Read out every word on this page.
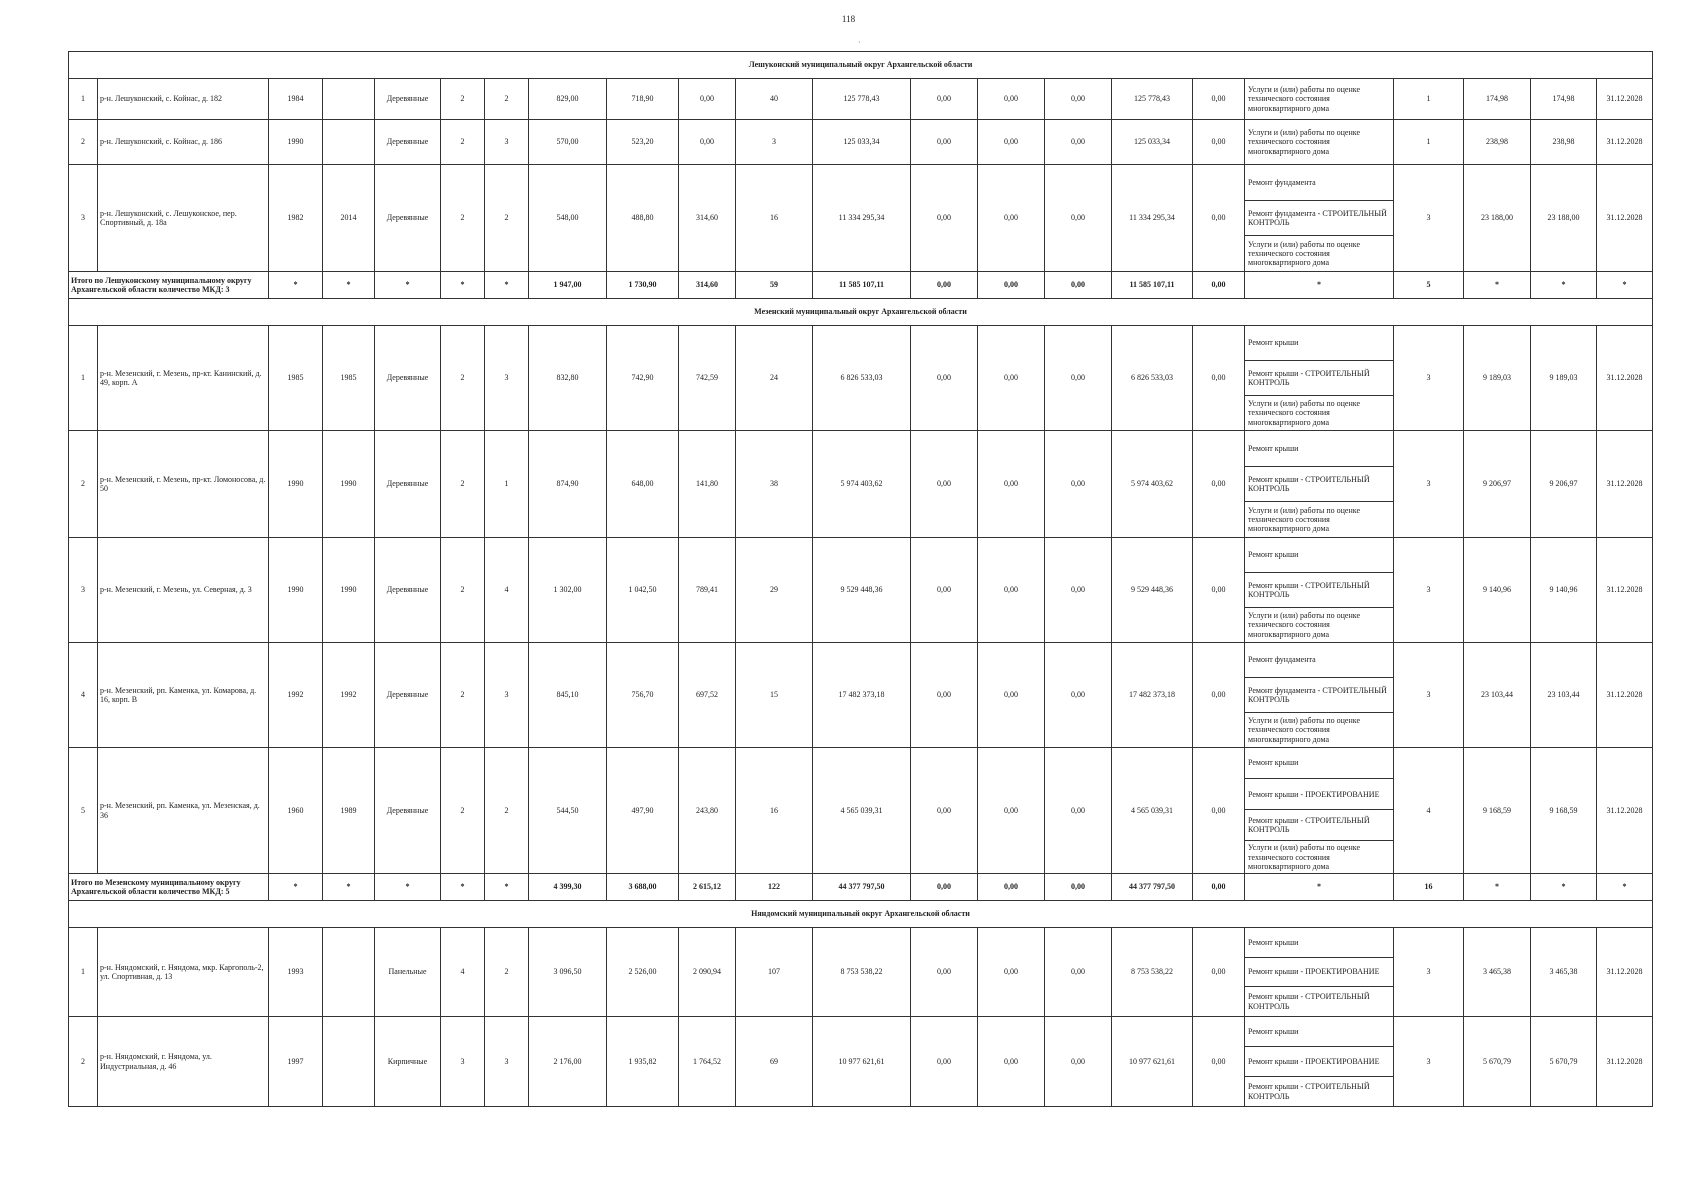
118
·
Лешуконский муниципальный округ Архангельской области																					
1	р-н. Лешуконский, с. Койнас, д. 182	1984		Деревянные	2	2	829,00	718,90	0,00	40	125 778,43	0,00	0,00	0,00	125 778,43	0,00	Услуги и (или) работы по оценке технического состояния многоквартирного дома	1	174,98	174,98	31.12.2028
2	р-н. Лешуконский, с. Койнас, д. 186	1990		Деревянные	2	3	570,00	523,20	0,00	3	125 033,34	0,00	0,00	0,00	125 033,34	0,00	Услуги и (или) работы по оценке технического состояния многоквартирного дома	1	238,98	238,98	31.12.2028
3	р-н. Лешуконский, с. Лешуконское, пер. Спортивный, д. 18а	1982	2014	Деревянные	2	2	548,00	488,80	314,60	16	11 334 295,34	0,00	0,00	0,00	11 334 295,34	0,00	Ремонт фундамента
Ремонт фундамента - СТРОИТЕЛЬНЫЙ КОНТРОЛЬ
Услуги и (или) работы по оценке технического состояния многоквартирного дома	3	23 188,00	23 188,00	31.12.2028
Итого по Лешуконскому муниципальному округу Архангельской области количество МКД: 3		*	*	*	*	*	1 947,00	1 730,90	314,60	59	11 585 107,11	0,00	0,00	0,00	11 585 107,11	0,00	*	5	*	*	*
Мезенский муниципальный округ Архангельской области																					
1	р-н. Мезенский, г. Мезень, пр-кт. Канинский, д. 49, корп. А	1985	1985	Деревянные	2	3	832,80	742,90	742,59	24	6 826 533,03	0,00	0,00	0,00	6 826 533,03	0,00	Ремонт крыши
Ремонт крыши - СТРОИТЕЛЬНЫЙ КОНТРОЛЬ
Услуги и (или) работы по оценке технического состояния многоквартирного дома	3	9 189,03	9 189,03	31.12.2028
2	р-н. Мезенский, г. Мезень, пр-кт. Ломоносова, д. 50	1990	1990	Деревянные	2	1	874,90	648,00	141,80	38	5 974 403,62	0,00	0,00	0,00	5 974 403,62	0,00	Ремонт крыши
Ремонт крыши - СТРОИТЕЛЬНЫЙ КОНТРОЛЬ
Услуги и (или) работы по оценке технического состояния многоквартирного дома	3	9 206,97	9 206,97	31.12.2028
3	р-н. Мезенский, г. Мезень, ул. Северная, д. 3	1990	1990	Деревянные	2	4	1 302,00	1 042,50	789,41	29	9 529 448,36	0,00	0,00	0,00	9 529 448,36	0,00	Ремонт крыши
Ремонт крыши - СТРОИТЕЛЬНЫЙ КОНТРОЛЬ
Услуги и (или) работы по оценке технического состояния многоквартирного дома	3	9 140,96	9 140,96	31.12.2028
4	р-н. Мезенский, рп. Каменка, ул. Комарова, д. 16, корп. В	1992	1992	Деревянные	2	3	845,10	756,70	697,52	15	17 482 373,18	0,00	0,00	0,00	17 482 373,18	0,00	Ремонт фундамента
Ремонт фундамента - СТРОИТЕЛЬНЫЙ КОНТРОЛЬ
Услуги и (или) работы по оценке технического состояния многоквартирного дома	3	23 103,44	23 103,44	31.12.2028
5	р-н. Мезенский, рп. Каменка, ул. Мезенская, д. 36	1960	1989	Деревянные	2	2	544,50	497,90	243,80	16	4 565 039,31	0,00	0,00	0,00	4 565 039,31	0,00	Ремонт крыши
Ремонт крыши - ПРОЕКТИРОВАНИЕ
Ремонт крыши - СТРОИТЕЛЬНЫЙ КОНТРОЛЬ
Услуги и (или) работы по оценке технического состояния многоквартирного дома	4	9 168,59	9 168,59	31.12.2028
Итого по Мезенскому муниципальному округу Архангельской области количество МКД: 5		*	*	*	*	*	4 399,30	3 688,00	2 615,12	122	44 377 797,50	0,00	0,00	0,00	44 377 797,50	0,00	*	16	*	*	*
Няндомский муниципальный округ Архангельской области																					
1	р-н. Няндомский, г. Няндома, мкр. Каргополь-2, ул. Спортивная, д. 13	1993		Панельные	4	2	3 096,50	2 526,00	2 090,94	107	8 753 538,22	0,00	0,00	0,00	8 753 538,22	0,00	Ремонт крыши
Ремонт крыши - ПРОЕКТИРОВАНИЕ
Ремонт крыши - СТРОИТЕЛЬНЫЙ КОНТРОЛЬ	3	3 465,38	3 465,38	31.12.2028
2	р-н. Няндомский, г. Няндома, ул. Индустриальная, д. 46	1997		Кирпичные	3	3	2 176,00	1 935,82	1 764,52	69	10 977 621,61	0,00	0,00	0,00	10 977 621,61	0,00	Ремонт крыши
Ремонт крыши - ПРОЕКТИРОВАНИЕ
Ремонт крыши - СТРОИТЕЛЬНЫЙ КОНТРОЛЬ	3	5 670,79	5 670,79	31.12.2028
